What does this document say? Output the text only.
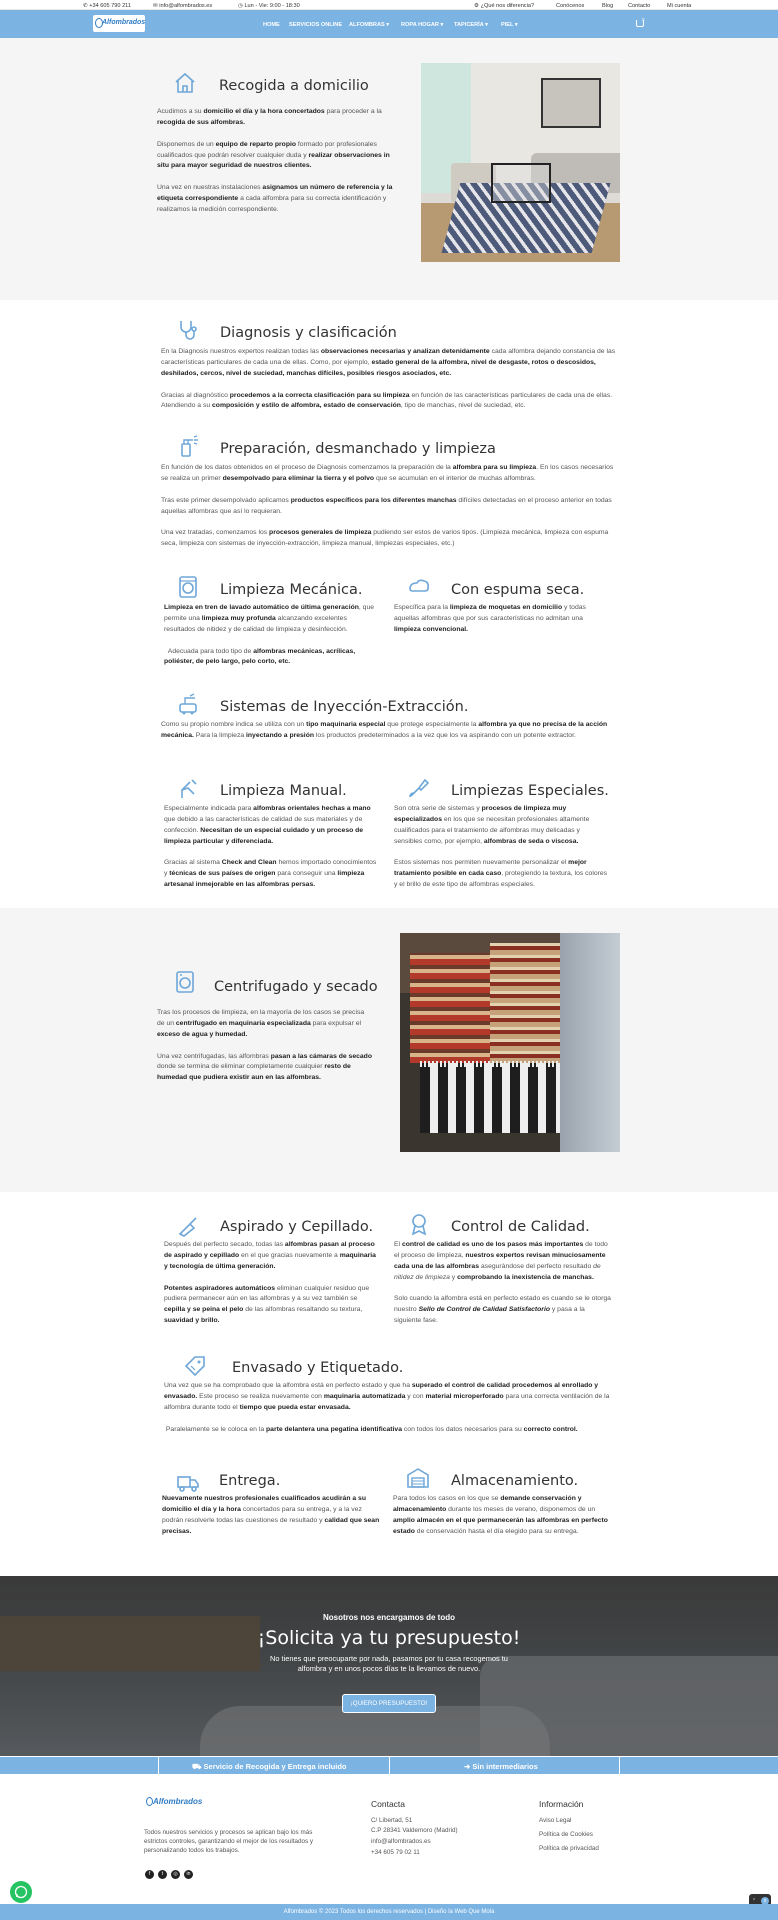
✆ +34 605 790 211	✉ info@alfombrados.es	◷ Lun - Vie: 9:00 - 18:30	⚙ ¿Qué nos diferencia?	Conócenos	Blog	Contacto	Mi cuenta
Alfombrados	HOME SERVICIOS ONLINE ALFOMBRAS ▾ ROPA HOGAR ▾ TAPICERÍA ▾ PIEL ▾
0
Recogida a domicilio
Acudimos a su domicilio el día y la hora concertados para proceder a la recogida de sus alfombras.

Disponemos de un equipo de reparto propio formado por profesionales cualificados que podrán resolver cualquier duda y realizar observaciones in situ para mayor seguridad de nuestros clientes.

Una vez en nuestras instalaciones asignamos un número de referencia y la etiqueta correspondiente a cada alfombra para su correcta identificación y realizamos la medición correspondiente.
Diagnosis y clasificación
En la Diagnosis nuestros expertos realizan todas las observaciones necesarias y analizan detenidamente cada alfombra dejando constancia de las características particulares de cada una de ellas. Como, por ejemplo, estado general de la alfombra, nivel de desgaste, rotos o descosidos, deshilados, cercos, nivel de suciedad, manchas difíciles, posibles riesgos asociados, etc.

Gracias al diagnóstico procedemos a la correcta clasificación para su limpieza en función de las características particulares de cada una de ellas. Atendiendo a su composición y estilo de alfombra, estado de conservación, tipo de manchas, nivel de suciedad, etc.
Preparación, desmanchado y limpieza
En función de los datos obtenidos en el proceso de Diagnosis comenzamos la preparación de la alfombra para su limpieza. En los casos necesarios se realiza un primer desempolvado para eliminar la tierra y el polvo que se acumulan en el interior de muchas alfombras.

Tras este primer desempolvado aplicamos productos específicos para los diferentes manchas difíciles detectadas en el proceso anterior en todas aquellas alfombras que así lo requieran.

Una vez tratadas, comenzamos los procesos generales de limpieza pudiendo ser estos de varios tipos. (Limpieza mecánica, limpieza con espuma seca, limpieza con sistemas de inyección-extracción, limpieza manual, limpiezas especiales, etc.)
Limpieza Mecánica.
Limpieza en tren de lavado automático de última generación, que permite una limpieza muy profunda alcanzando excelentes resultados de nitidez y de calidad de limpieza y desinfección.

Adecuada para todo tipo de alfombras mecánicas, acrílicas, poliéster, de pelo largo, pelo corto, etc.
Con espuma seca.
Específica para la limpieza de moquetas en domicilio y todas aquellas alfombras que por sus características no admitan una limpieza convencional.
Sistemas de Inyección-Extracción.
Como su propio nombre indica se utiliza con un tipo maquinaria especial que protege especialmente la alfombra ya que no precisa de la acción mecánica. Para la limpieza inyectando a presión los productos predeterminados a la vez que los va aspirando con un potente extractor.
Limpieza Manual.
Especialmente indicada para alfombras orientales hechas a mano que debido a las características de calidad de sus materiales y de confección. Necesitan de un especial cuidado y un proceso de limpieza particular y diferenciada.

Gracias al sistema Check and Clean hemos importado conocimientos y técnicas de sus países de origen para conseguir una limpieza artesanal inmejorable en las alfombras persas.
Limpiezas Especiales.
Son otra serie de sistemas y procesos de limpieza muy especializados en los que se necesitan profesionales altamente cualificados para el tratamiento de alfombras muy delicadas y sensibles como, por ejemplo, alfombras de seda o viscosa.

Estos sistemas nos permiten nuevamente personalizar el mejor tratamiento posible en cada caso, protegiendo la textura, los colores y el brillo de este tipo de alfombras especiales.
Centrifugado y secado
Tras los procesos de limpieza, en la mayoría de los casos se precisa de un centrifugado en maquinaria especializada para expulsar el exceso de agua y humedad.

Una vez centrifugadas, las alfombras pasan a las cámaras de secado donde se termina de eliminar completamente cualquier resto de humedad que pudiera existir aun en las alfombras.
Aspirado y Cepillado.
Después del perfecto secado, todas las alfombras pasan al proceso de aspirado y cepillado en el que gracias nuevamente a maquinaria y tecnología de última generación.

Potentes aspiradores automáticos eliminan cualquier residuo que pudiera permanecer aún en las alfombras y a su vez también se cepilla y se peina el pelo de las alfombras resaltando su textura, suavidad y brillo.
Control de Calidad.
El control de calidad es uno de los pasos más importantes de todo el proceso de limpieza, nuestros expertos revisan minuciosamente cada una de las alfombras aseguràndose del perfecto resultado de nitidez de limpieza y comprobando la inexistencia de manchas.

Solo cuando la alfombra está en perfecto estado es cuando se le otorga nuestro Sello de Control de Calidad Satisfactorio y pasa a la siguiente fase.
Envasado y Etiquetado.
Una vez que se ha comprobado que la alfombra está en perfecto estado y que ha superado el control de calidad procedemos al enrollado y envasado. Este proceso se realiza nuevamente con maquinaria automatizada y con material microperforado para una correcta ventilación de la alfombra durante todo el tiempo que pueda estar envasada.

Paralelamente se le coloca en la parte delantera una pegatina identificativa con todos los datos necesarios para su correcto control.
Entrega.
Nuevamente nuestros profesionales cualificados acudirán a su domicilio el día y la hora concertados para su entrega, y a la vez podrán resolverle todas las cuestiones de resultado y calidad que sean precisas.
Almacenamiento.
Para todos los casos en los que se demande conservación y almacenamiento durante los meses de verano, disponemos de un amplio almacén en el que permanecerán las alfombras en perfecto estado de conservación hasta el día elegido para su entrega.
Nosotros nos encargamos de todo
¡Solicita ya tu presupuesto!
No tienes que preocuparte por nada, pasamos por tu casa recogemos tu
alfombra y en unos pocos días te la llevamos de nuevo.
¡QUIERO PRESUPUESTO!
⛟ Servicio de Recogida y Entrega incluido	➜ Sin intermediarios
Alfombrados
Todos nuestros servicios y procesos se aplican bajo los más
estrictos controles, garantizando el mejor de los resultados y
personalizando todos los trabajos.
f	t	◎	in
Contacta
C/ Libertad, 51
C.P 28341 Valdemoro (Madrid)
info@alfombrados.es
+34 605 79 02 11
Información
Aviso Legal
Política de Cookies
Política de privacidad
⌃	0
Alfombrados © 2023 Todos los derechos reservados | Diseño la Web Que Mola
